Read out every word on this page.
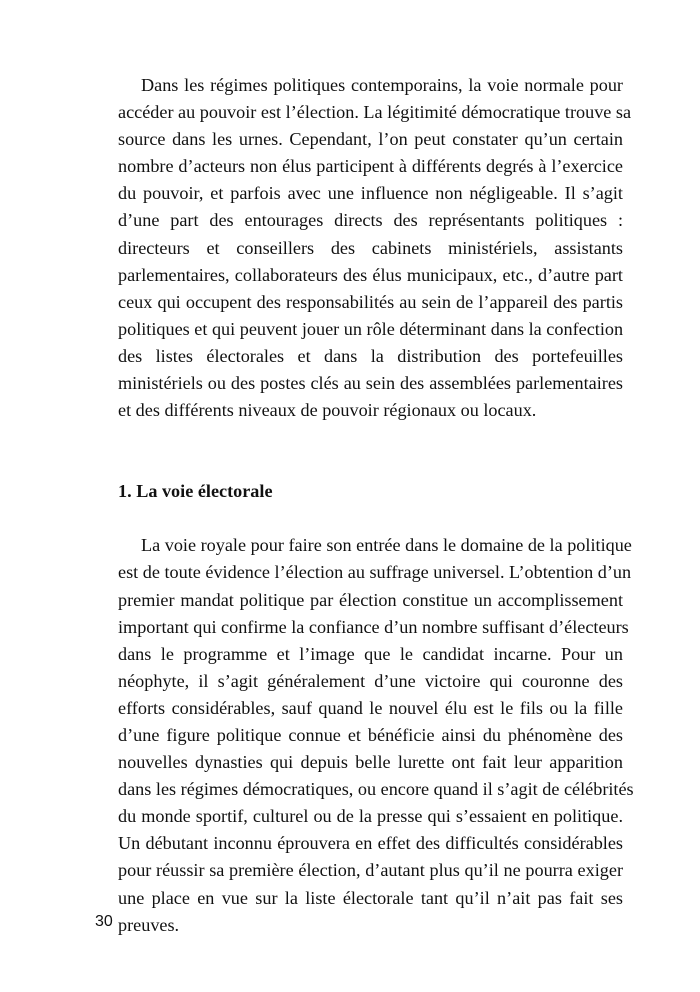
Dans les régimes politiques contemporains, la voie normale pour
accéder au pouvoir est l’élection. La légitimité démocratique trouve sa
source dans les urnes. Cependant, l’on peut constater qu’un certain
nombre d’acteurs non élus participent à différents degrés à l’exercice
du pouvoir, et parfois avec une influence non négligeable. Il s’agit
d’une part des entourages directs des représentants politiques :
directeurs et conseillers des cabinets ministériels, assistants
parlementaires, collaborateurs des élus municipaux, etc., d’autre part
ceux qui occupent des responsabilités au sein de l’appareil des partis
politiques et qui peuvent jouer un rôle déterminant dans la confection
des listes électorales et dans la distribution des portefeuilles
ministériels ou des postes clés au sein des assemblées parlementaires
et des différents niveaux de pouvoir régionaux ou locaux.
1. La voie électorale
La voie royale pour faire son entrée dans le domaine de la politique
est de toute évidence l’élection au suffrage universel. L’obtention d’un
premier mandat politique par élection constitue un accomplissement
important qui confirme la confiance d’un nombre suffisant d’électeurs
dans le programme et l’image que le candidat incarne. Pour un
néophyte, il s’agit généralement d’une victoire qui couronne des
efforts considérables, sauf quand le nouvel élu est le fils ou la fille
d’une figure politique connue et bénéficie ainsi du phénomène des
nouvelles dynasties qui depuis belle lurette ont fait leur apparition
dans les régimes démocratiques, ou encore quand il s’agit de célébrités
du monde sportif, culturel ou de la presse qui s’essaient en politique.
Un débutant inconnu éprouvera en effet des difficultés considérables
pour réussir sa première élection, d’autant plus qu’il ne pourra exiger
une place en vue sur la liste électorale tant qu’il n’ait pas fait ses
preuves.
30
